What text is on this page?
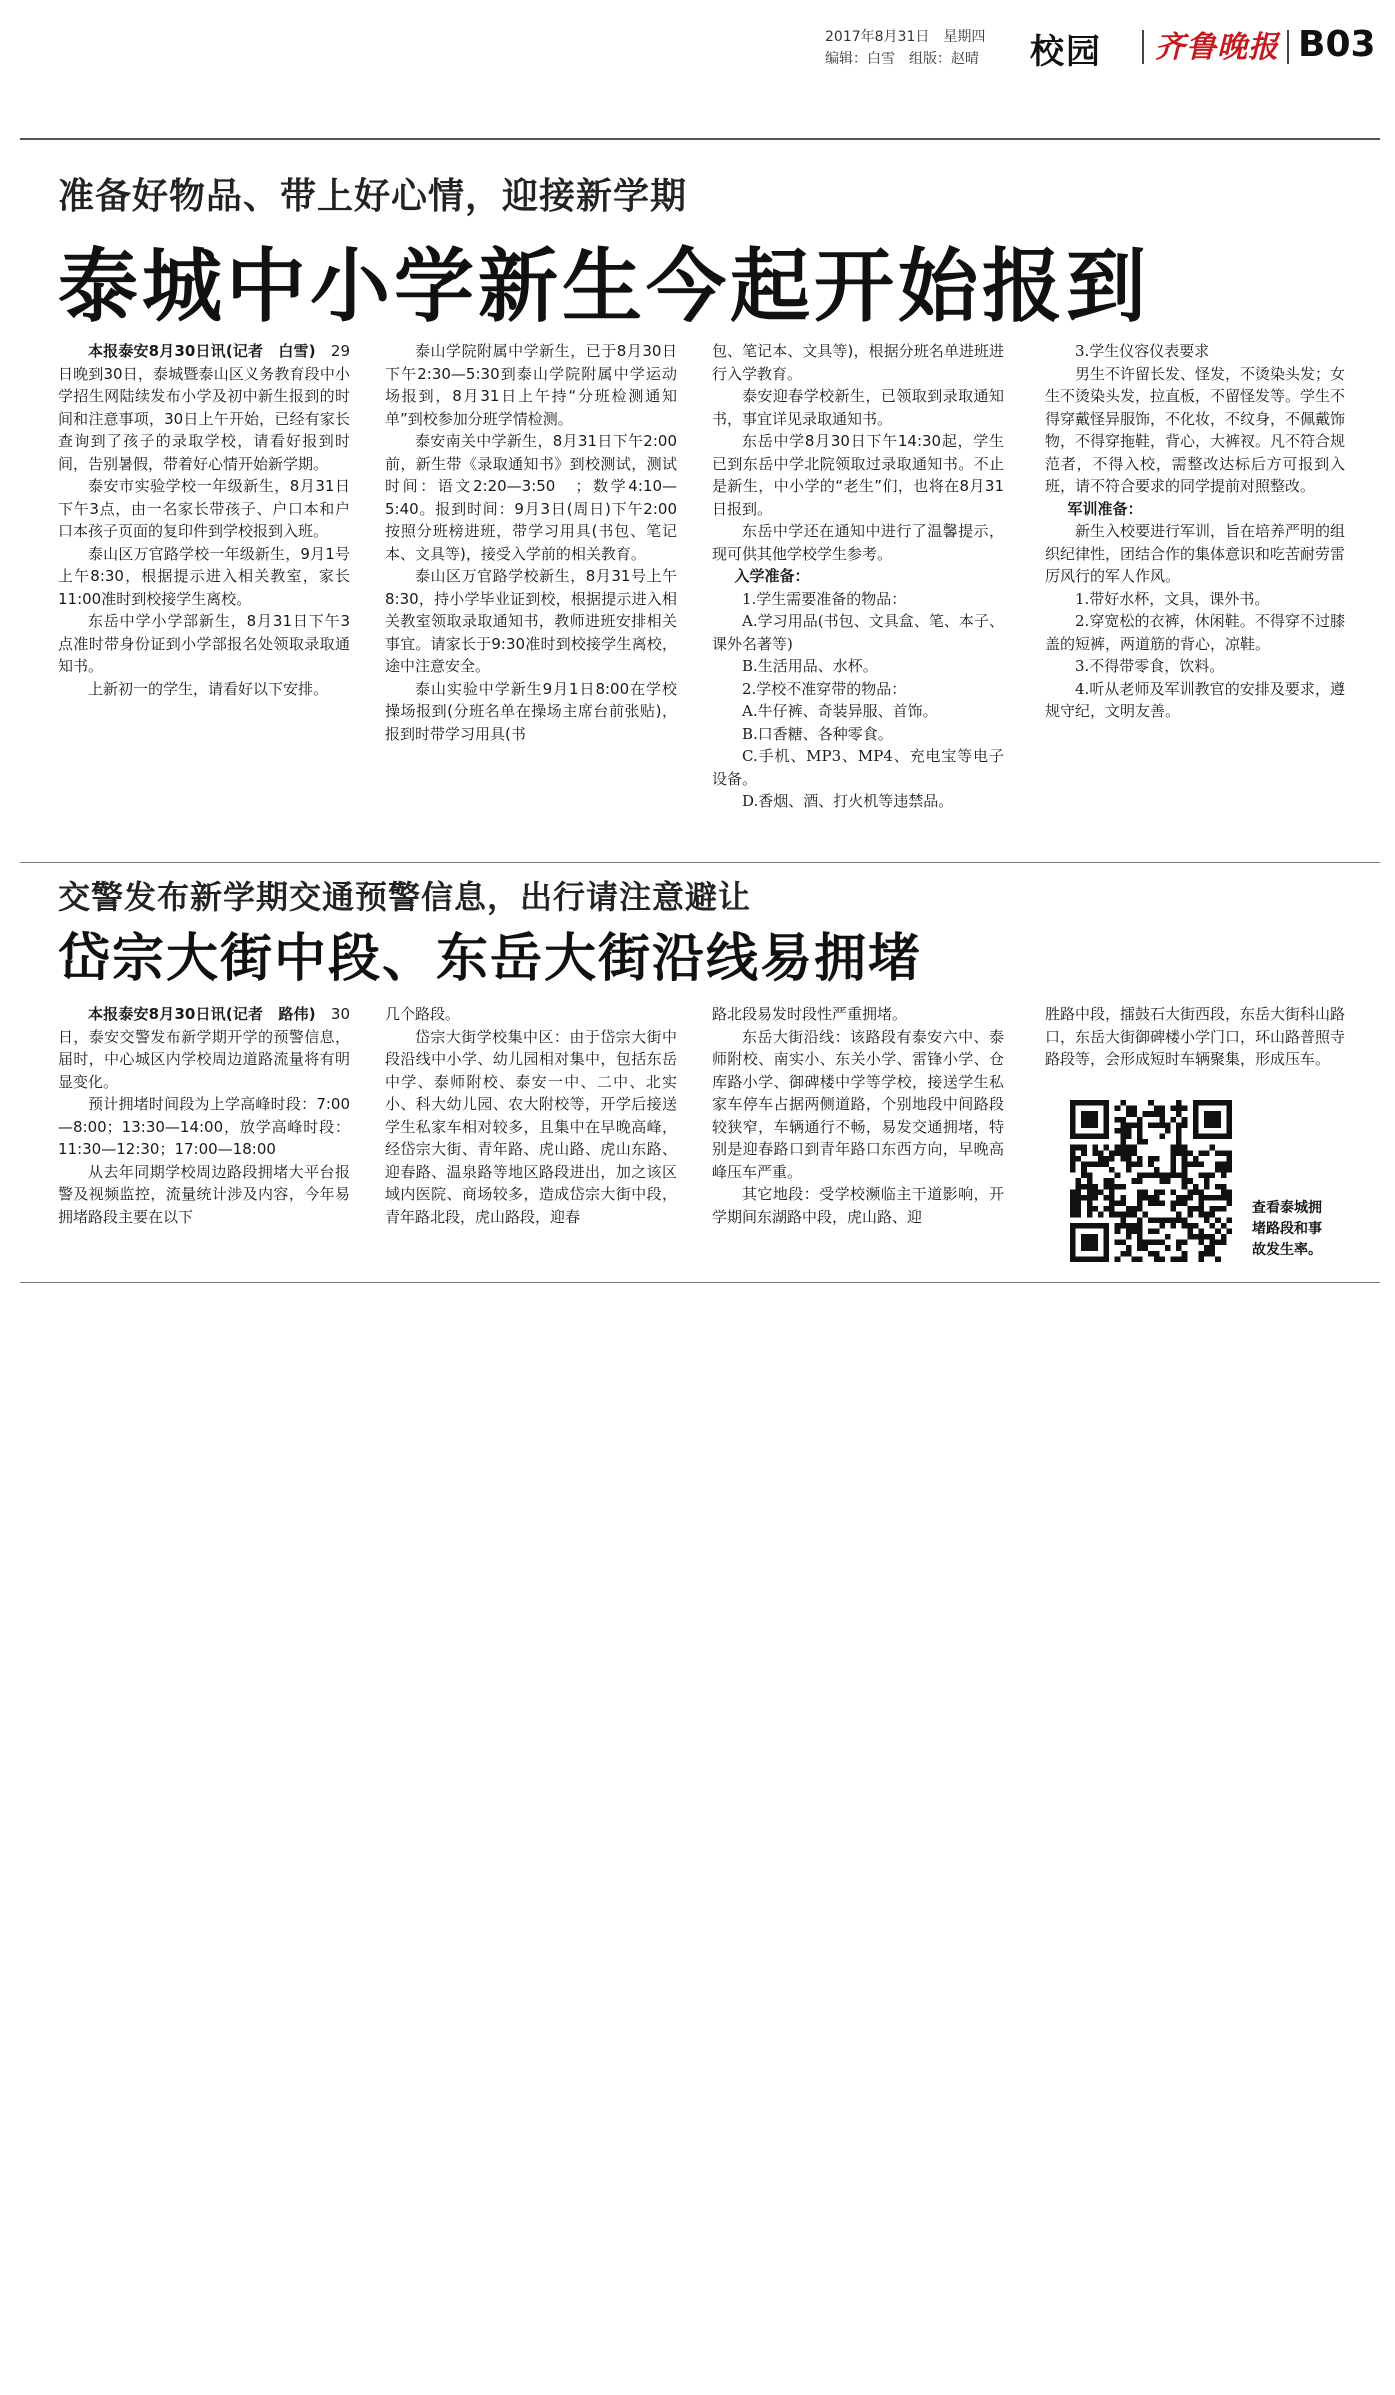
2017年8月31日　星期四
编辑：白雪　组版：赵晴	校园 齐鲁晚报 B03
准备好物品、带上好心情，迎接新学期
泰城中小学新生今起开始报到

本报泰安8月30日讯(记者　白雪)　29日晚到30日，泰城暨泰山区义务教育段中小学招生网陆续发布小学及初中新生报到的时间和注意事项，30日上午开始，已经有家长查询到了孩子的录取学校，请看好报到时间，告别暑假，带着好心情开始新学期。

泰安市实验学校一年级新生，8月31日下午3点，由一名家长带孩子、户口本和户口本孩子页面的复印件到学校报到入班。

泰山区万官路学校一年级新生，9月1号上午8:30，根据提示进入相关教室，家长11:00准时到校接学生离校。

东岳中学小学部新生，8月31日下午3点准时带身份证到小学部报名处领取录取通知书。

上新初一的学生，请看好以下安排。

泰山学院附属中学新生，已于8月30日下午2:30—5:30到泰山学院附属中学运动场报到，8月31日上午持“分班检测通知单”到校参加分班学情检测。

泰安南关中学新生，8月31日下午2:00前，新生带《录取通知书》到校测试，测试时间：语文2:20—3:50　；数学4:10—5:40。报到时间：9月3日(周日)下午2:00按照分班榜进班，带学习用具(书包、笔记本、文具等)，接受入学前的相关教育。

泰山区万官路学校新生，8月31号上午8:30，持小学毕业证到校，根据提示进入相关教室领取录取通知书，教师进班安排相关事宜。请家长于9:30准时到校接学生离校，途中注意安全。

泰山实验中学新生9月1日8:00在学校操场报到(分班名单在操场主席台前张贴)，报到时带学习用具(书

包、笔记本、文具等)，根据分班名单进班进行入学教育。

泰安迎春学校新生，已领取到录取通知书，事宜详见录取通知书。

东岳中学8月30日下午14:30起，学生已到东岳中学北院领取过录取通知书。不止是新生，中小学的“老生”们，也将在8月31日报到。

东岳中学还在通知中进行了温馨提示，现可供其他学校学生参考。

入学准备：

1.学生需要准备的物品：

A.学习用品(书包、文具盒、笔、本子、课外名著等)

B.生活用品、水杯。

2.学校不准穿带的物品：

A.牛仔裤、奇装异服、首饰。

B.口香糖、各种零食。

C.手机、MP3、MP4、充电宝等电子设备。

D.香烟、酒、打火机等违禁品。

3.学生仪容仪表要求

男生不许留长发、怪发，不烫染头发；女生不烫染头发，拉直板，不留怪发等。学生不得穿戴怪异服饰，不化妆，不纹身，不佩戴饰物，不得穿拖鞋，背心，大裤衩。凡不符合规范者，不得入校，需整改达标后方可报到入班，请不符合要求的同学提前对照整改。

军训准备：

新生入校要进行军训，旨在培养严明的组织纪律性，团结合作的集体意识和吃苦耐劳雷厉风行的军人作风。

1.带好水杯，文具，课外书。

2.穿宽松的衣裤，休闲鞋。不得穿不过膝盖的短裤，两道筋的背心，凉鞋。

3.不得带零食，饮料。

4.听从老师及军训教官的安排及要求，遵规守纪，文明友善。

交警发布新学期交通预警信息，出行请注意避让
岱宗大街中段、东岳大街沿线易拥堵

本报泰安8月30日讯(记者　路伟)　30日，泰安交警发布新学期开学的预警信息，届时，中心城区内学校周边道路流量将有明显变化。

预计拥堵时间段为上学高峰时段：7:00—8:00；13:30—14:00，放学高峰时段：11:30—12:30；17:00—18:00

从去年同期学校周边路段拥堵大平台报警及视频监控，流量统计涉及内容，今年易拥堵路段主要在以下

几个路段。

岱宗大街学校集中区：由于岱宗大街中段沿线中小学、幼儿园相对集中，包括东岳中学、泰师附校、泰安一中、二中、北实小、科大幼儿园、农大附校等，开学后接送学生私家车相对较多，且集中在早晚高峰，经岱宗大街、青年路、虎山路、虎山东路、迎春路、温泉路等地区路段进出，加之该区域内医院、商场较多，造成岱宗大街中段，青年路北段，虎山路段，迎春

路北段易发时段性严重拥堵。

东岳大街沿线：该路段有泰安六中、泰师附校、南实小、东关小学、雷锋小学、仓库路小学、御碑楼中学等学校，接送学生私家车停车占据两侧道路，个别地段中间路段较狭窄，车辆通行不畅，易发交通拥堵，特别是迎春路口到青年路口东西方向，早晚高峰压车严重。

其它地段：受学校濒临主干道影响，开学期间东湖路中段，虎山路、迎

胜路中段，擂鼓石大街西段，东岳大街科山路口，东岳大街御碑楼小学门口，环山路普照寺路段等，会形成短时车辆聚集，形成压车。

查看泰城拥堵路段和事故发生率。
